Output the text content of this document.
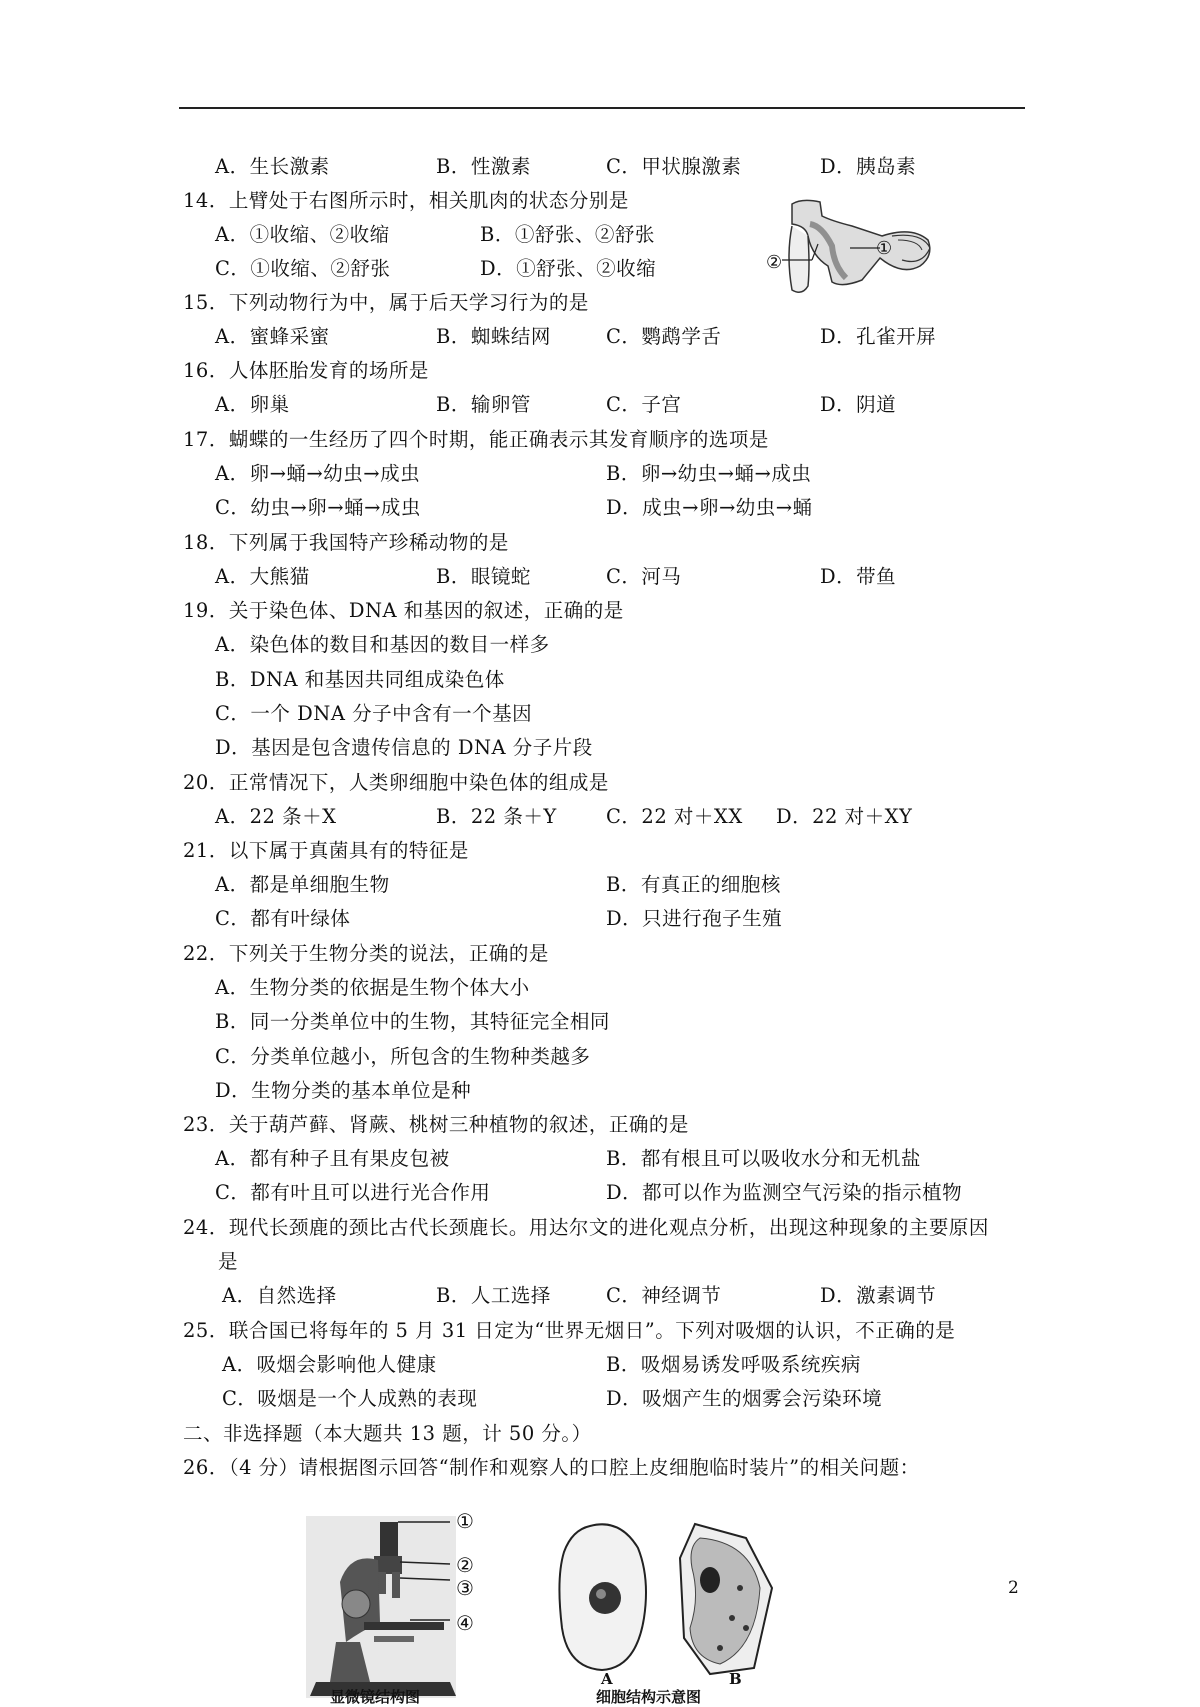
A．生长激素	B．性激素	C．甲状腺激素	D．胰岛素
14．上臂处于右图所示时，相关肌肉的状态分别是
A．①收缩、②收缩	B．①舒张、②舒张
C．①收缩、②舒张	D．①舒张、②收缩
①
②
15．下列动物行为中，属于后天学习行为的是
A．蜜蜂采蜜	B．蜘蛛结网	C．鹦鹉学舌	D．孔雀开屏
16．人体胚胎发育的场所是
A．卵巢	B．输卵管	C．子宫	D．阴道
17．蝴蝶的一生经历了四个时期，能正确表示其发育顺序的选项是
A．卵→蛹→幼虫→成虫	B．卵→幼虫→蛹→成虫
C．幼虫→卵→蛹→成虫	D．成虫→卵→幼虫→蛹
18．下列属于我国特产珍稀动物的是
A．大熊猫	B．眼镜蛇	C．河马	D．带鱼
19．关于染色体、DNA 和基因的叙述，正确的是
A．染色体的数目和基因的数目一样多
B．DNA 和基因共同组成染色体
C．一个 DNA 分子中含有一个基因
D．基因是包含遗传信息的 DNA 分子片段
20．正常情况下，人类卵细胞中染色体的组成是
A．22 条＋X	B．22 条＋Y	C．22 对＋XX D．22 对＋XY
21．以下属于真菌具有的特征是
A．都是单细胞生物	B．有真正的细胞核
C．都有叶绿体	D．只进行孢子生殖
22．下列关于生物分类的说法，正确的是
A．生物分类的依据是生物个体大小
B．同一分类单位中的生物，其特征完全相同
C．分类单位越小，所包含的生物种类越多
D．生物分类的基本单位是种
23．关于葫芦藓、肾蕨、桃树三种植物的叙述，正确的是
A．都有种子且有果皮包被	B．都有根且可以吸收水分和无机盐
C．都有叶且可以进行光合作用	D．都可以作为监测空气污染的指示植物
24．现代长颈鹿的颈比古代长颈鹿长。用达尔文的进化观点分析，出现这种现象的主要原因
是
A．自然选择	B．人工选择	C．神经调节	D．激素调节
25．联合国已将每年的 5 月 31 日定为“世界无烟日”。下列对吸烟的认识，不正确的是
A．吸烟会影响他人健康	B．吸烟易诱发呼吸系统疾病
C．吸烟是一个人成熟的表现	D．吸烟产生的烟雾会污染环境
二、非选择题（本大题共 13 题，计 50 分。）
26．（4 分）请根据图示回答“制作和观察人的口腔上皮细胞临时装片”的相关问题：
①
②
③
④
显微镜结构图
A	B
细胞结构示意图
2
